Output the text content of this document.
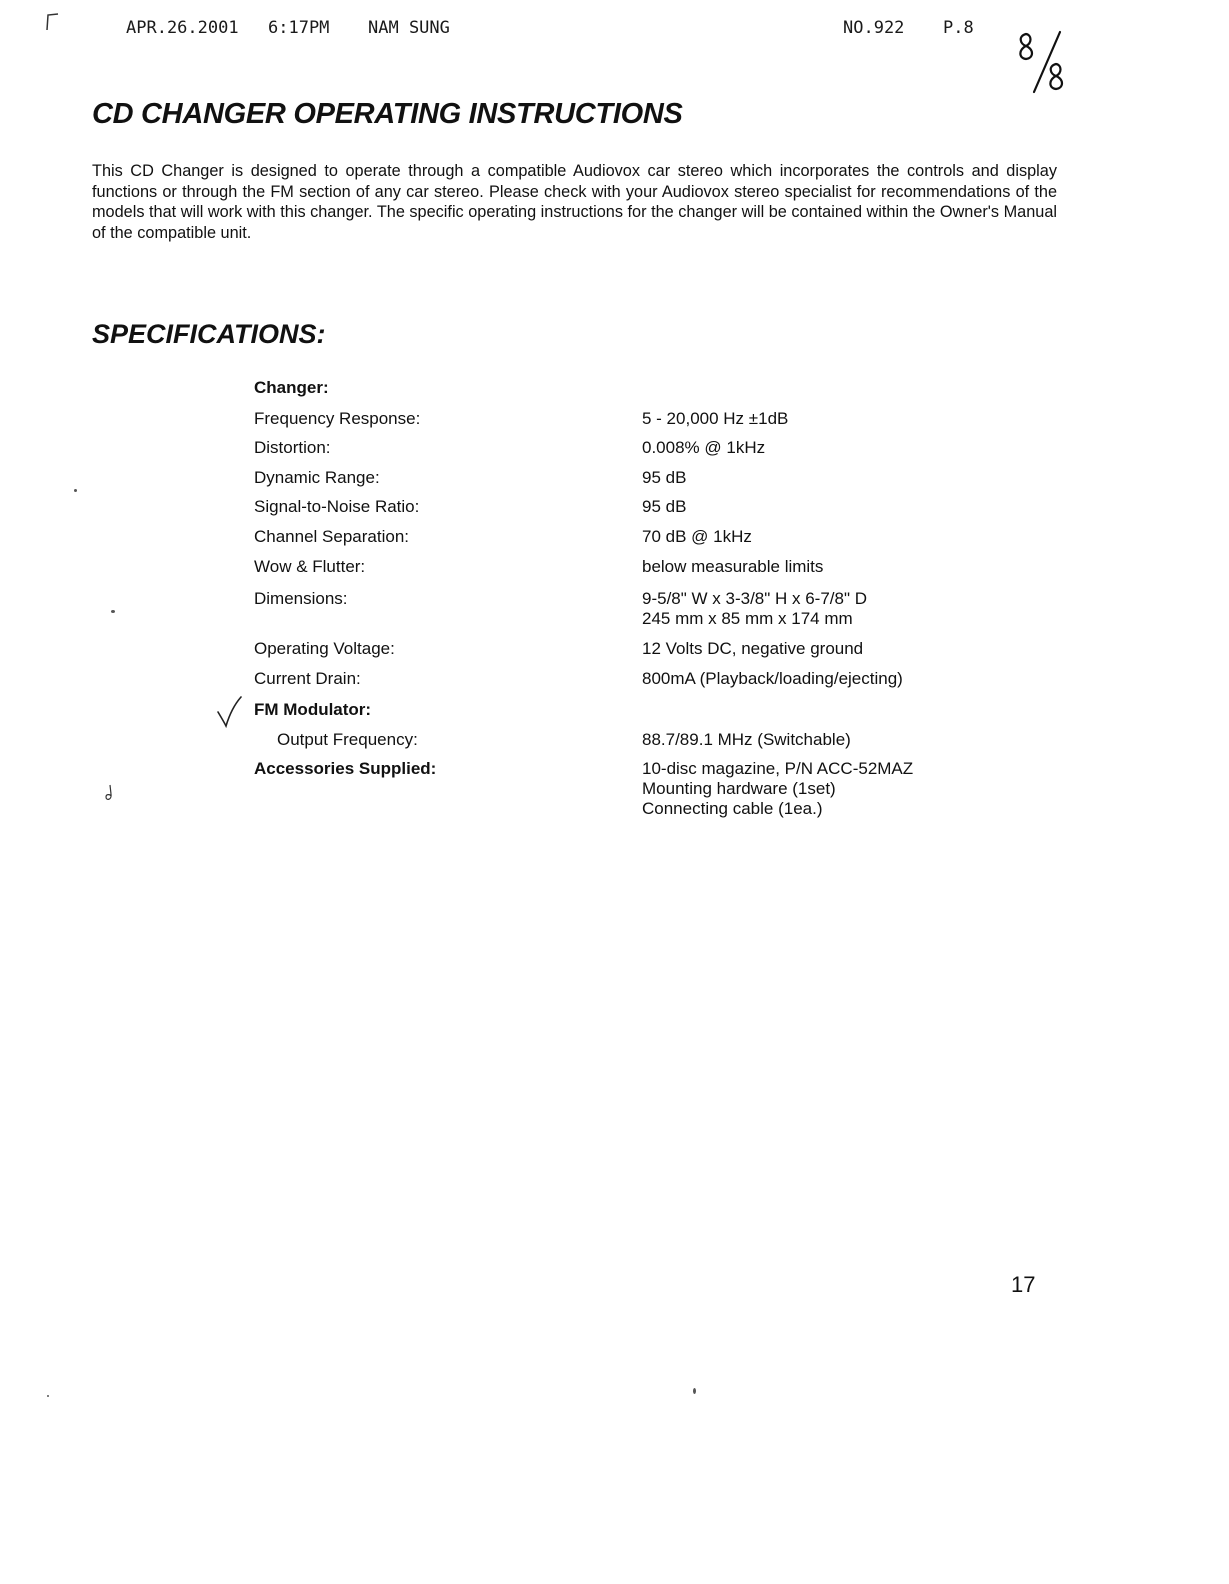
APR.26.2001 6:17PM NAM SUNG	NO.922 P.8
CD CHANGER OPERATING INSTRUCTIONS

This CD Changer is designed to operate through a compatible Audiovox car stereo which incorporates the controls and display functions or through the FM section of any car stereo. Please check with your Audiovox stereo specialist for recommendations of the models that will work with this changer. The specific operating instructions for the changer will be contained within the Owner's Manual of the compatible unit.

SPECIFICATIONS:
Changer:
Frequency Response:	5 - 20,000 Hz ±1dB
Distortion:	0.008% @ 1kHz
Dynamic Range:	95 dB
Signal-to-Noise Ratio:	95 dB
Channel Separation:	70 dB @ 1kHz
Wow & Flutter:	below measurable limits
Dimensions:	9-5/8" W x 3-3/8" H x 6-7/8" D
245 mm x 85 mm x 174 mm
Operating Voltage:	12 Volts DC, negative ground
Current Drain:	800mA (Playback/loading/ejecting)
FM Modulator:
Output Frequency:	88.7/89.1 MHz (Switchable)
Accessories Supplied:	10-disc magazine, P/N ACC-52MAZ
Mounting hardware (1set)
Connecting cable (1ea.)
17
